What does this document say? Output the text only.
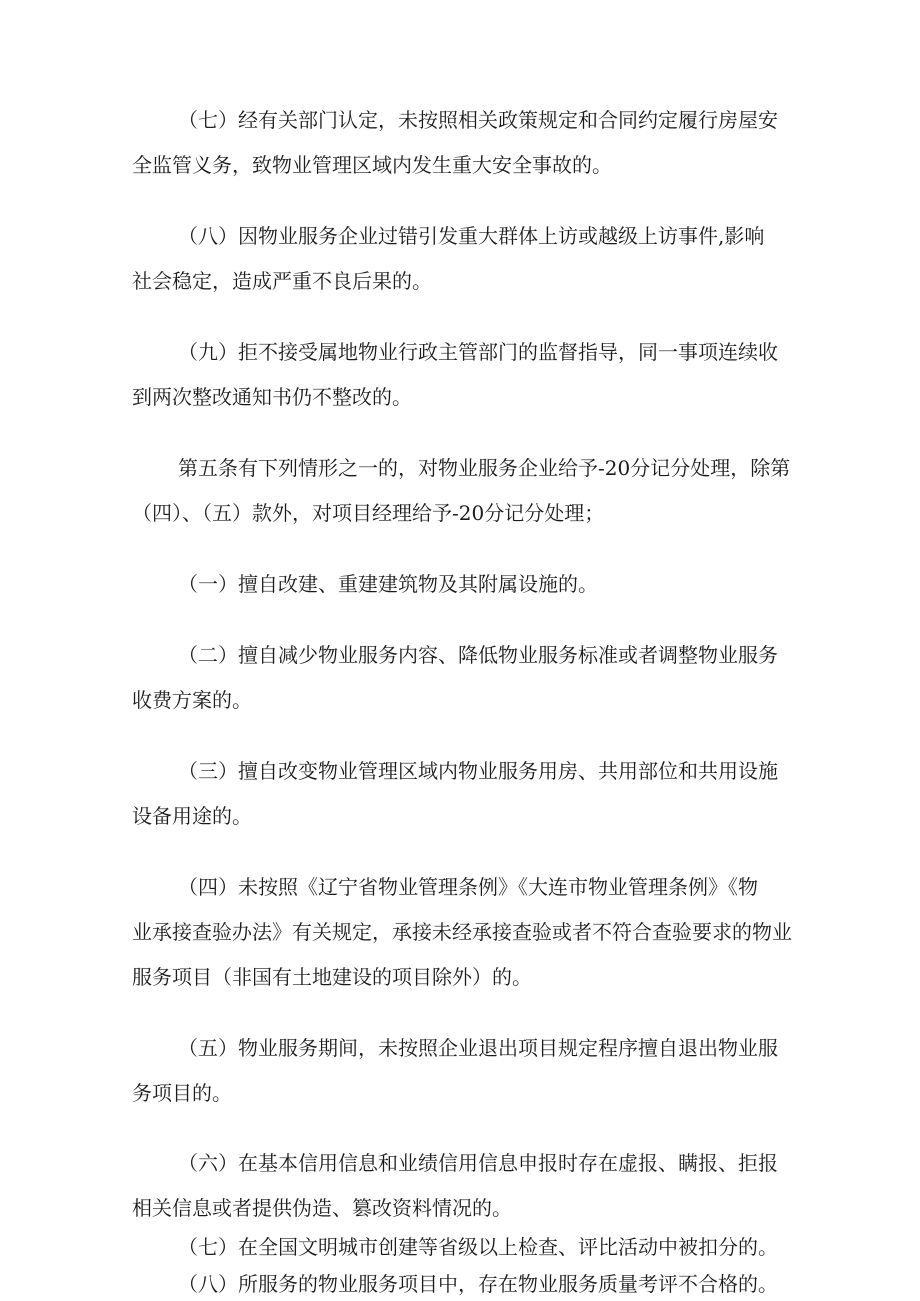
（七）经有关部门认定，未按照相关政策规定和合同约定履行房屋安
全监管义务，致物业管理区域内发生重大安全事故的。
（八）因物业服务企业过错引发重大群体上访或越级上访事件,影响
社会稳定，造成严重不良后果的。
（九）拒不接受属地物业行政主管部门的监督指导，同一事项连续收
到两次整改通知书仍不整改的。
第五条有下列情形之一的，对物业服务企业给予-20分记分处理，除第
（四）、（五）款外，对项目经理给予-20分记分处理；
（一）擅自改建、重建建筑物及其附属设施的。
（二）擅自减少物业服务内容、降低物业服务标准或者调整物业服务
收费方案的。
（三）擅自改变物业管理区域内物业服务用房、共用部位和共用设施
设备用途的。
（四）未按照《辽宁省物业管理条例》《大连市物业管理条例》《物
业承接查验办法》有关规定，承接未经承接查验或者不符合查验要求的物业
服务项目（非国有土地建设的项目除外）的。
（五）物业服务期间，未按照企业退出项目规定程序擅自退出物业服
务项目的。
（六）在基本信用信息和业绩信用信息申报时存在虚报、瞒报、拒报
相关信息或者提供伪造、篡改资料情况的。
（七）在全国文明城市创建等省级以上检查、评比活动中被扣分的。
（八）所服务的物业服务项目中，存在物业服务质量考评不合格的。
